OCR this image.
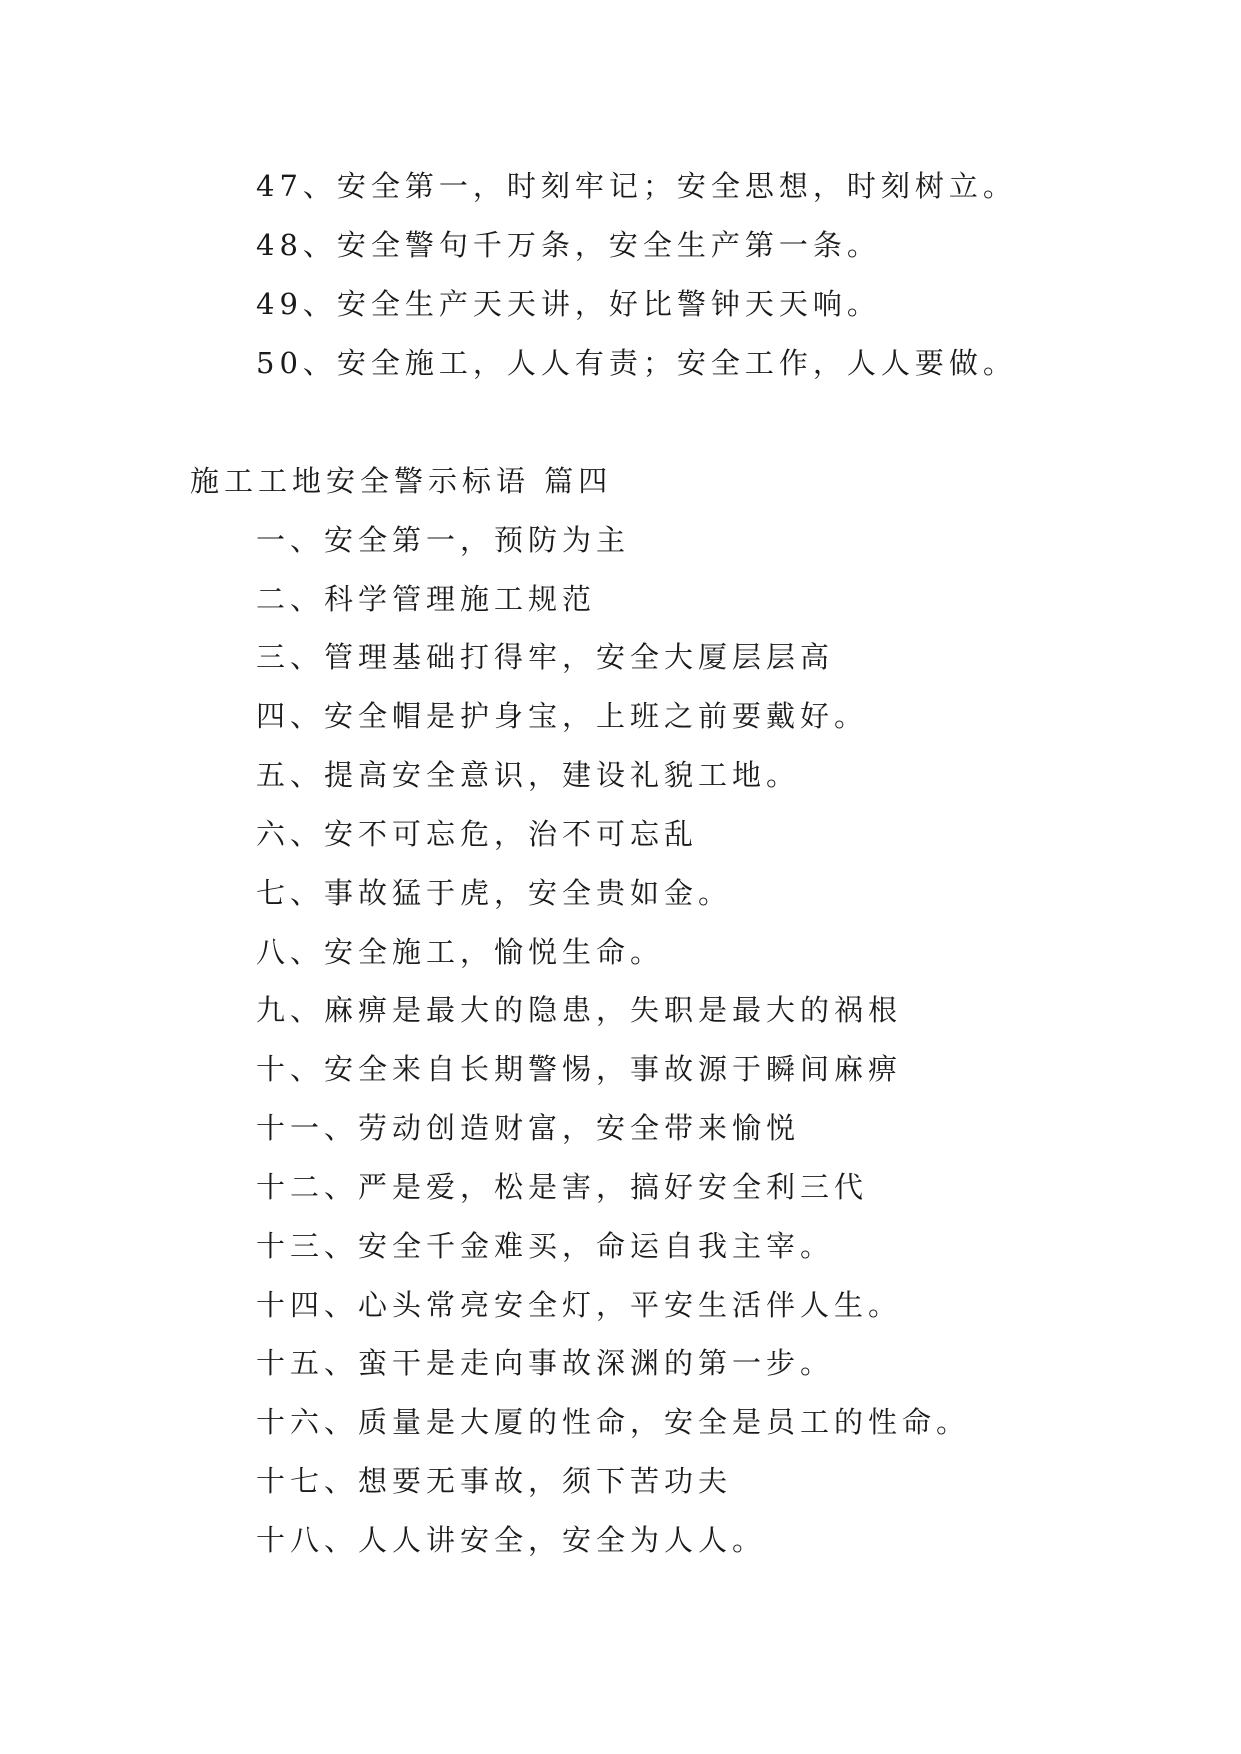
47、安全第一，时刻牢记；安全思想，时刻树立。
48、安全警句千万条，安全生产第一条。
49、安全生产天天讲，好比警钟天天响。
50、安全施工，人人有责；安全工作，人人要做。
施工工地安全警示标语 篇四
一、安全第一，预防为主
二、科学管理施工规范
三、管理基础打得牢，安全大厦层层高
四、安全帽是护身宝，上班之前要戴好。
五、提高安全意识，建设礼貌工地。
六、安不可忘危，治不可忘乱
七、事故猛于虎，安全贵如金。
八、安全施工，愉悦生命。
九、麻痹是最大的隐患，失职是最大的祸根
十、安全来自长期警惕，事故源于瞬间麻痹
十一、劳动创造财富，安全带来愉悦
十二、严是爱，松是害，搞好安全利三代
十三、安全千金难买，命运自我主宰。
十四、心头常亮安全灯，平安生活伴人生。
十五、蛮干是走向事故深渊的第一步。
十六、质量是大厦的性命，安全是员工的性命。
十七、想要无事故，须下苦功夫
十八、人人讲安全，安全为人人。
